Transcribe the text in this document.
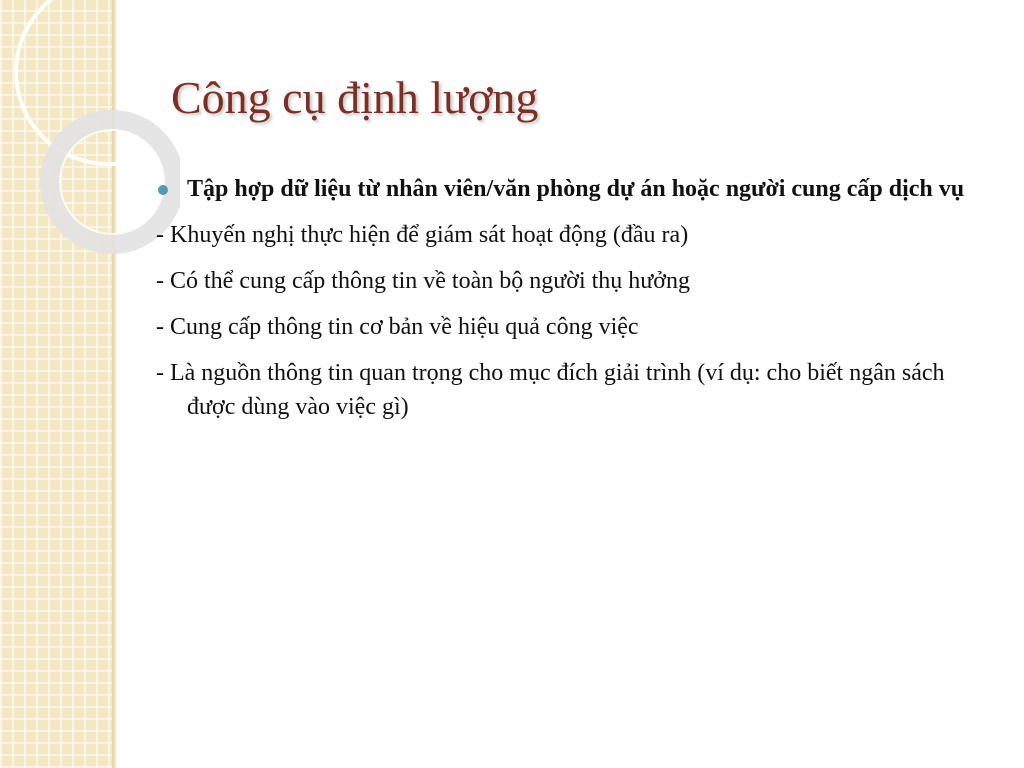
Công cụ định lượng
Tập hợp dữ liệu từ nhân viên/văn phòng dự án hoặc người cung cấp dịch vụ
- Khuyến nghị thực hiện để giám sát hoạt động (đầu ra)
- Có thể cung cấp thông tin về toàn bộ người thụ hưởng
- Cung cấp thông tin cơ bản về hiệu quả công việc
- Là nguồn thông tin quan trọng cho mục đích giải trình (ví dụ: cho biết ngân sách được dùng vào việc gì)
